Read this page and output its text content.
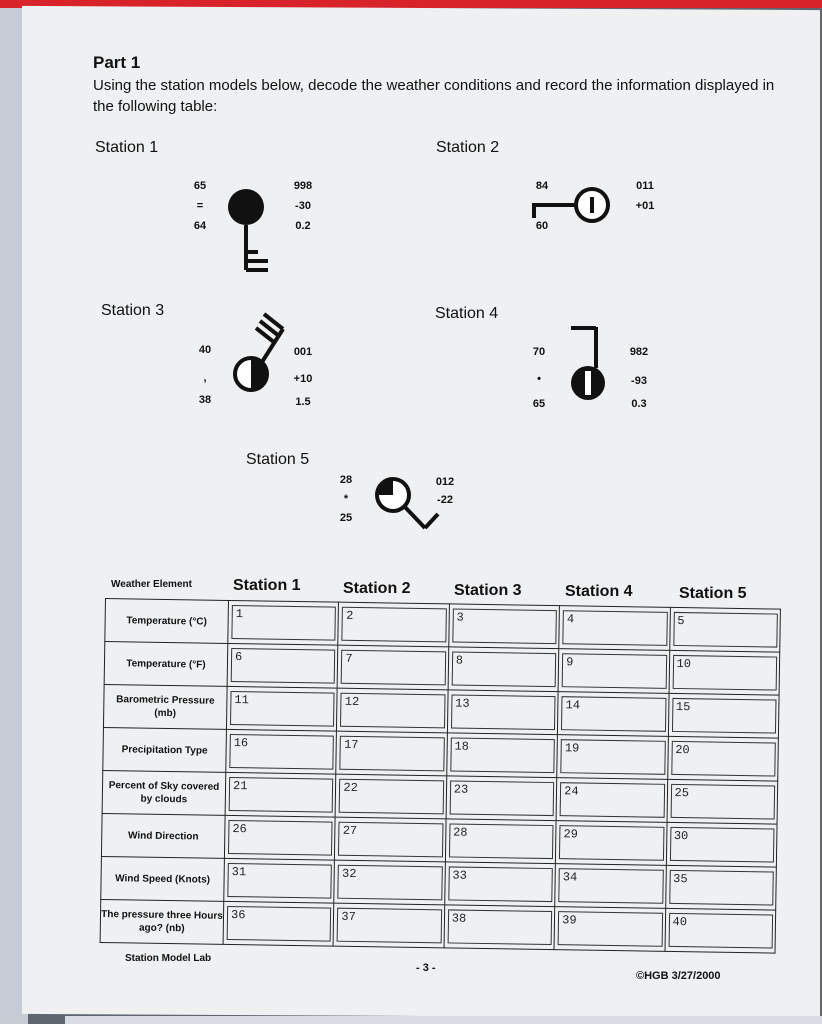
Part 1
Using the station models below, decode the weather conditions and record the information displayed in the following table:
Station 1	Station 2
Station 3	Station 4
Station 5
65
=
64
998
-30
0.2
84
60
011
+01
40
,
38
001
+10
1.5
70
•
65
982
-93
0.3
28
*
25
012
-22
Weather Element	Station 1	Station 2	Station 3	Station 4	Station 5
Temperature (°C)	1	2	3	4	5

Temperature (°F)	6	7	8	9	10

Barometric Pressure (mb)	11	12	13	14	15

Precipitation Type	16	17	18	19	20

Percent of Sky covered by clouds	21	22	23	24	25

Wind Direction	26	27	28	29	30

Wind Speed (Knots)	31	32	33	34	35

The pressure three Hours ago? (nb)	36	37	38	39	40
Station Model Lab
- 3 -
©HGB 3/27/2000
